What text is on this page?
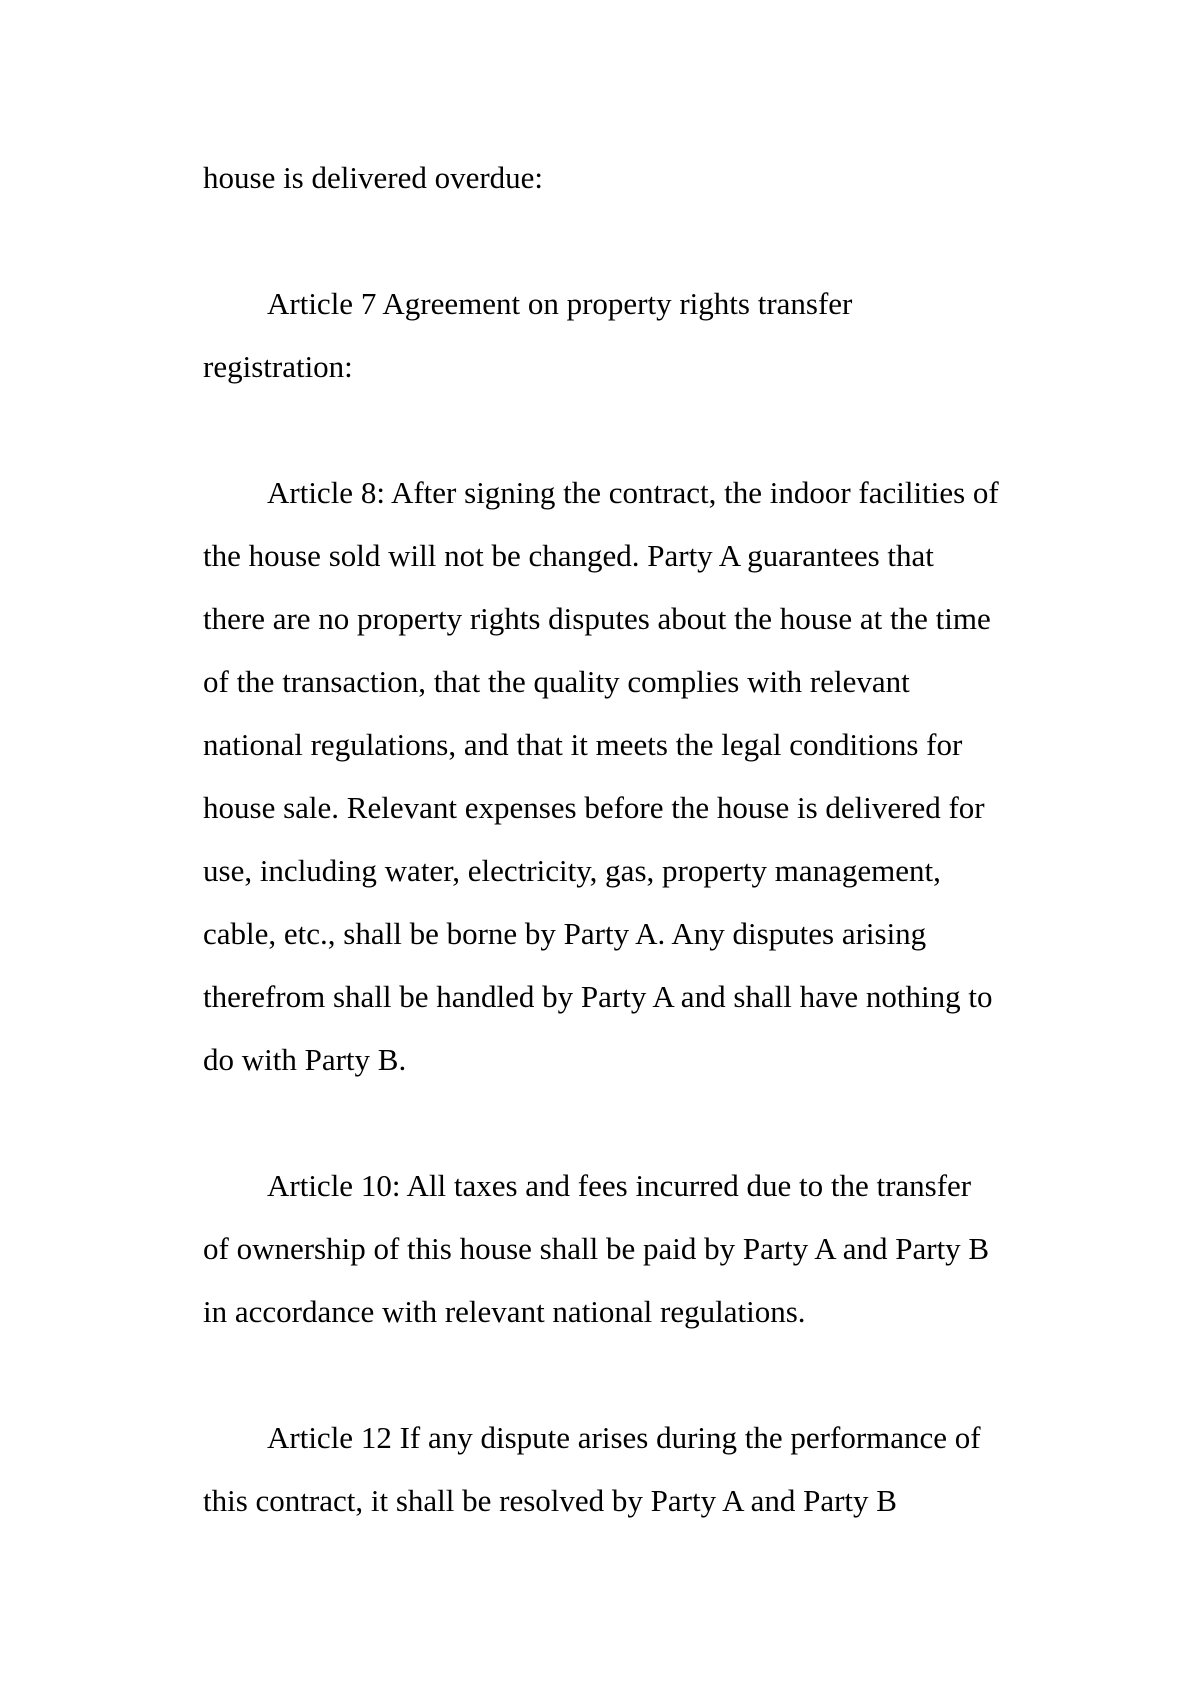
house is delivered overdue:

Article 7 Agreement on property rights transfer registration:

Article 8: After signing the contract, the indoor facilities of the house sold will not be changed. Party A guarantees that there are no property rights disputes about the house at the time of the transaction, that the quality complies with relevant national regulations, and that it meets the legal conditions for house sale. Relevant expenses before the house is delivered for use, including water, electricity, gas, property management, cable, etc., shall be borne by Party A. Any disputes arising therefrom shall be handled by Party A and shall have nothing to do with Party B.

Article 10: All taxes and fees incurred due to the transfer of ownership of this house shall be paid by Party A and Party B in accordance with relevant national regulations.

Article 12 If any dispute arises during the performance of this contract, it shall be resolved by Party A and Party B
